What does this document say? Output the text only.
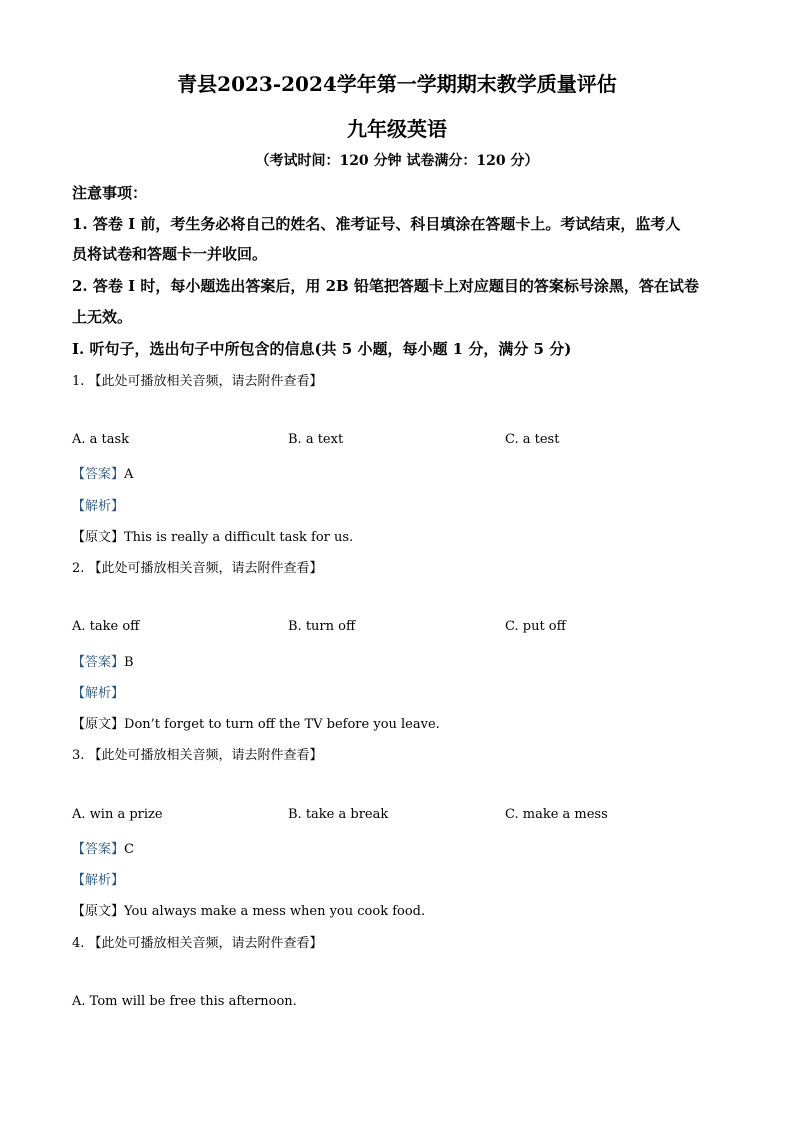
青县2023-2024学年第一学期期末教学质量评估
九年级英语
（考试时间：120 分钟 试卷满分：120 分）
注意事项：
1. 答卷 I 前，考生务必将自己的姓名、准考证号、科目填涂在答题卡上。考试结束，监考人
员将试卷和答题卡一并收回。
2. 答卷 I 时，每小题选出答案后，用 2B 铅笔把答题卡上对应题目的答案标号涂黑，答在试卷
上无效。
I. 听句子，选出句子中所包含的信息(共 5 小题，每小题 1 分，满分 5 分)
1. 【此处可播放相关音频，请去附件查看】
A. a task	B. a text	C. a test
【答案】A
【解析】
【原文】This is really a difficult task for us.
2. 【此处可播放相关音频，请去附件查看】
A. take off	B. turn off	C. put off
【答案】B
【解析】
【原文】Don’t forget to turn off the TV before you leave.
3. 【此处可播放相关音频，请去附件查看】
A. win a prize	B. take a break	C. make a mess
【答案】C
【解析】
【原文】You always make a mess when you cook food.
4. 【此处可播放相关音频，请去附件查看】
A. Tom will be free this afternoon.
